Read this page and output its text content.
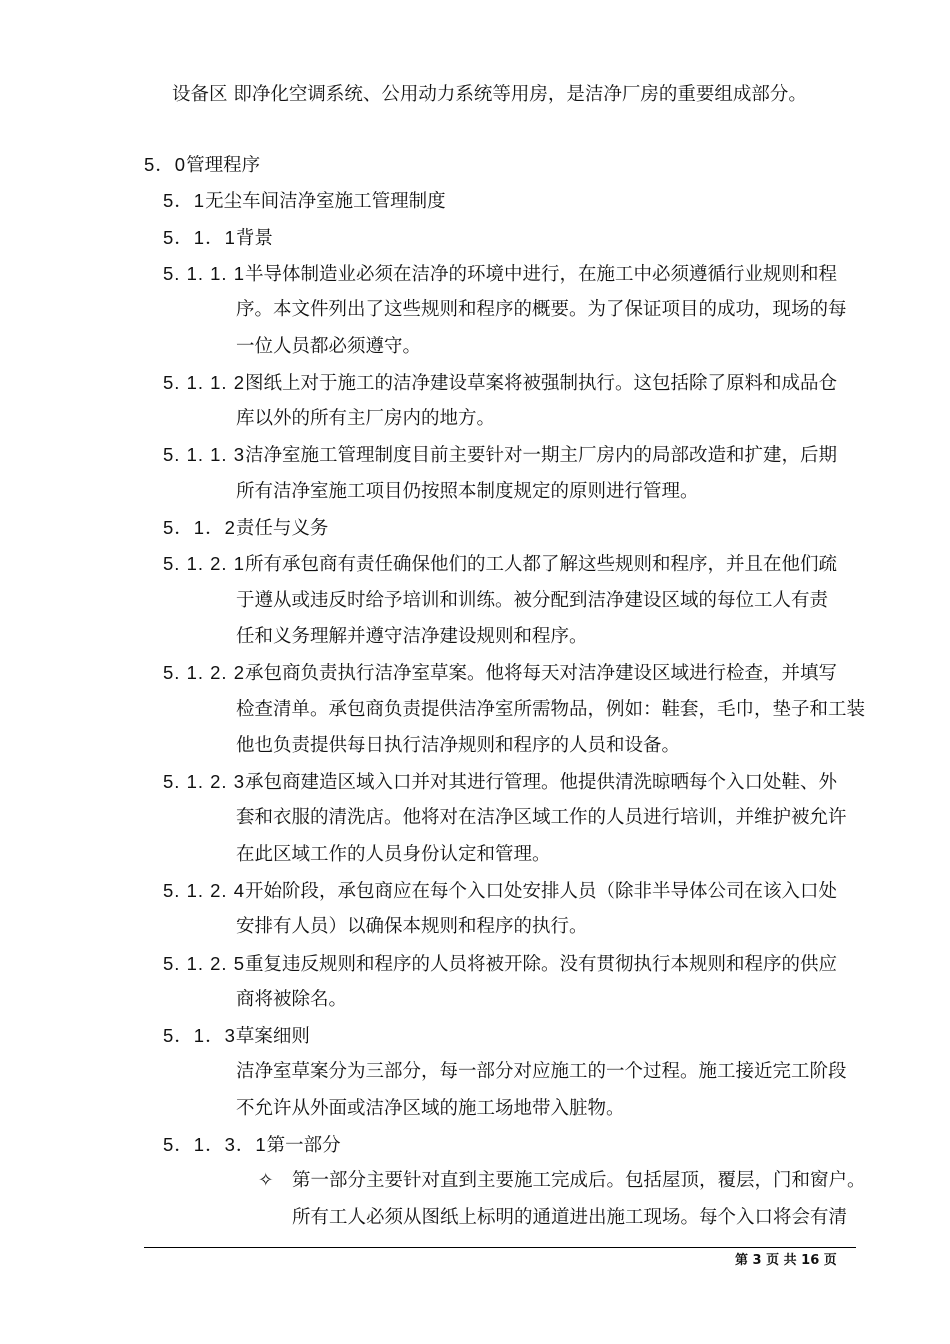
设备区 即净化空调系统、公用动力系统等用房，是洁净厂房的重要组成部分。
5．0管理程序
5．1无尘车间洁净室施工管理制度
5．1．1背景
5. 1. 1. 1半导体制造业必须在洁净的环境中进行，在施工中必须遵循行业规则和程
序。本文件列出了这些规则和程序的概要。为了保证项目的成功，现场的每
一位人员都必须遵守。
5. 1. 1. 2图纸上对于施工的洁净建设草案将被强制执行。这包括除了原料和成品仓
库以外的所有主厂房内的地方。
5. 1. 1. 3洁净室施工管理制度目前主要针对一期主厂房内的局部改造和扩建，后期
所有洁净室施工项目仍按照本制度规定的原则进行管理。
5．1．2责任与义务
5. 1. 2. 1所有承包商有责任确保他们的工人都了解这些规则和程序，并且在他们疏
于遵从或违反时给予培训和训练。被分配到洁净建设区域的每位工人有责
任和义务理解并遵守洁净建设规则和程序。
5. 1. 2. 2承包商负责执行洁净室草案。他将每天对洁净建设区域进行检查，并填写
检查清单。承包商负责提供洁净室所需物品，例如：鞋套，毛巾，垫子和工装
他也负责提供每日执行洁净规则和程序的人员和设备。
5. 1. 2. 3承包商建造区域入口并对其进行管理。他提供清洗晾晒每个入口处鞋、外
套和衣服的清洗店。他将对在洁净区域工作的人员进行培训，并维护被允许
在此区域工作的人员身份认定和管理。
5. 1. 2. 4开始阶段，承包商应在每个入口处安排人员（除非半导体公司在该入口处
安排有人员）以确保本规则和程序的执行。
5. 1. 2. 5重复违反规则和程序的人员将被开除。没有贯彻执行本规则和程序的供应
商将被除名。
5．1．3草案细则
洁净室草案分为三部分，每一部分对应施工的一个过程。施工接近完工阶段
不允许从外面或洁净区域的施工场地带入脏物。
5．1．3．1第一部分
✧ 第一部分主要针对直到主要施工完成后。包括屋顶，覆层，门和窗户。
所有工人必须从图纸上标明的通道进出施工现场。每个入口将会有清
第 3 页 共 16 页
